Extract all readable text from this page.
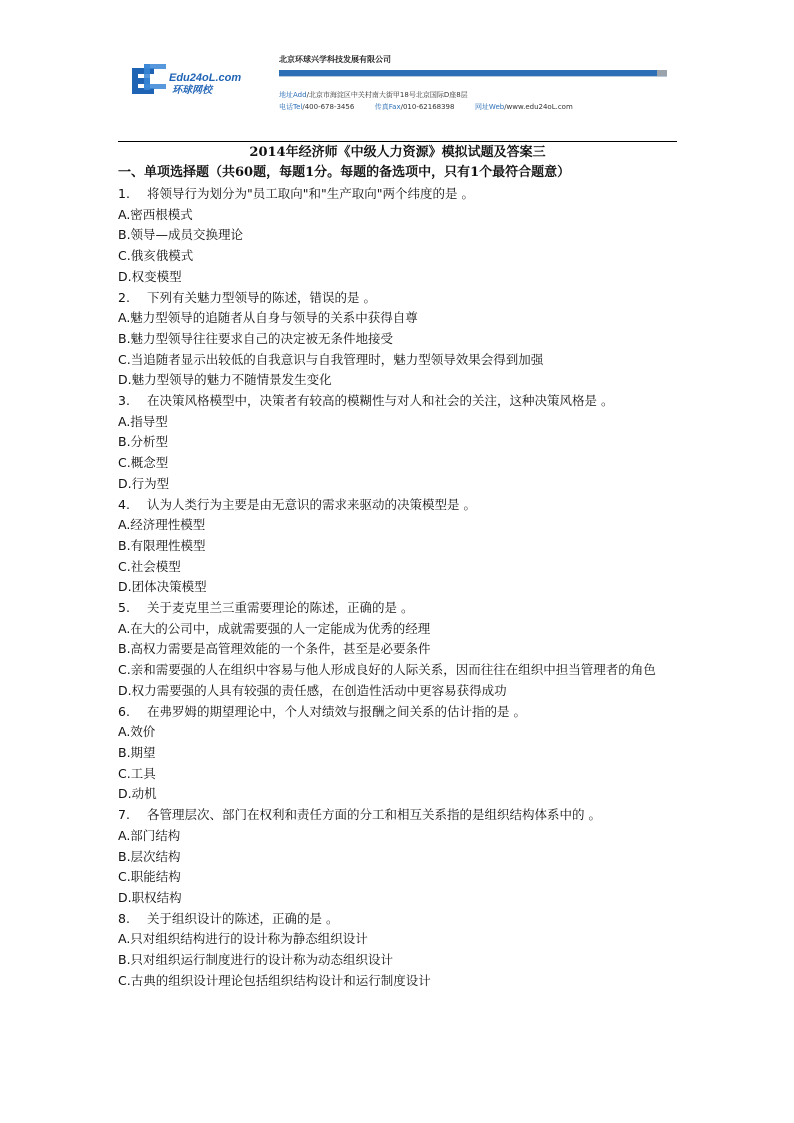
Edu24oL.com
环球网校
北京环球兴学科技发展有限公司
地址Add/北京市海淀区中关村南大街甲18号北京国际D座8层
电话Tel/400-678-3456	传真Fax/010-62168398	网址Web/www.edu24oL.com
2014年经济师《中级人力资源》模拟试题及答案三
一、单项选择题（共60题，每题1分。每题的备选项中，只有1个最符合题意）
1. 将领导行为划分为"员工取向"和"生产取向"两个纬度的是 。
A.密西根模式
B.领导—成员交换理论
C.俄亥俄模式
D.权变模型
2. 下列有关魅力型领导的陈述，错误的是 。
A.魅力型领导的追随者从自身与领导的关系中获得自尊
B.魅力型领导往往要求自己的决定被无条件地接受
C.当追随者显示出较低的自我意识与自我管理时，魅力型领导效果会得到加强
D.魅力型领导的魅力不随情景发生变化
3. 在决策风格模型中，决策者有较高的模糊性与对人和社会的关注，这种决策风格是 。
A.指导型
B.分析型
C.概念型
D.行为型
4. 认为人类行为主要是由无意识的需求来驱动的决策模型是 。
A.经济理性模型
B.有限理性模型
C.社会模型
D.团体决策模型
5. 关于麦克里兰三重需要理论的陈述，正确的是 。
A.在大的公司中，成就需要强的人一定能成为优秀的经理
B.高权力需要是高管理效能的一个条件，甚至是必要条件
C.亲和需要强的人在组织中容易与他人形成良好的人际关系，因而往往在组织中担当管理者的角色
D.权力需要强的人具有较强的责任感，在创造性活动中更容易获得成功
6. 在弗罗姆的期望理论中，个人对绩效与报酬之间关系的估计指的是 。
A.效价
B.期望
C.工具
D.动机
7. 各管理层次、部门在权利和责任方面的分工和相互关系指的是组织结构体系中的 。
A.部门结构
B.层次结构
C.职能结构
D.职权结构
8. 关于组织设计的陈述，正确的是 。
A.只对组织结构进行的设计称为静态组织设计
B.只对组织运行制度进行的设计称为动态组织设计
C.古典的组织设计理论包括组织结构设计和运行制度设计
